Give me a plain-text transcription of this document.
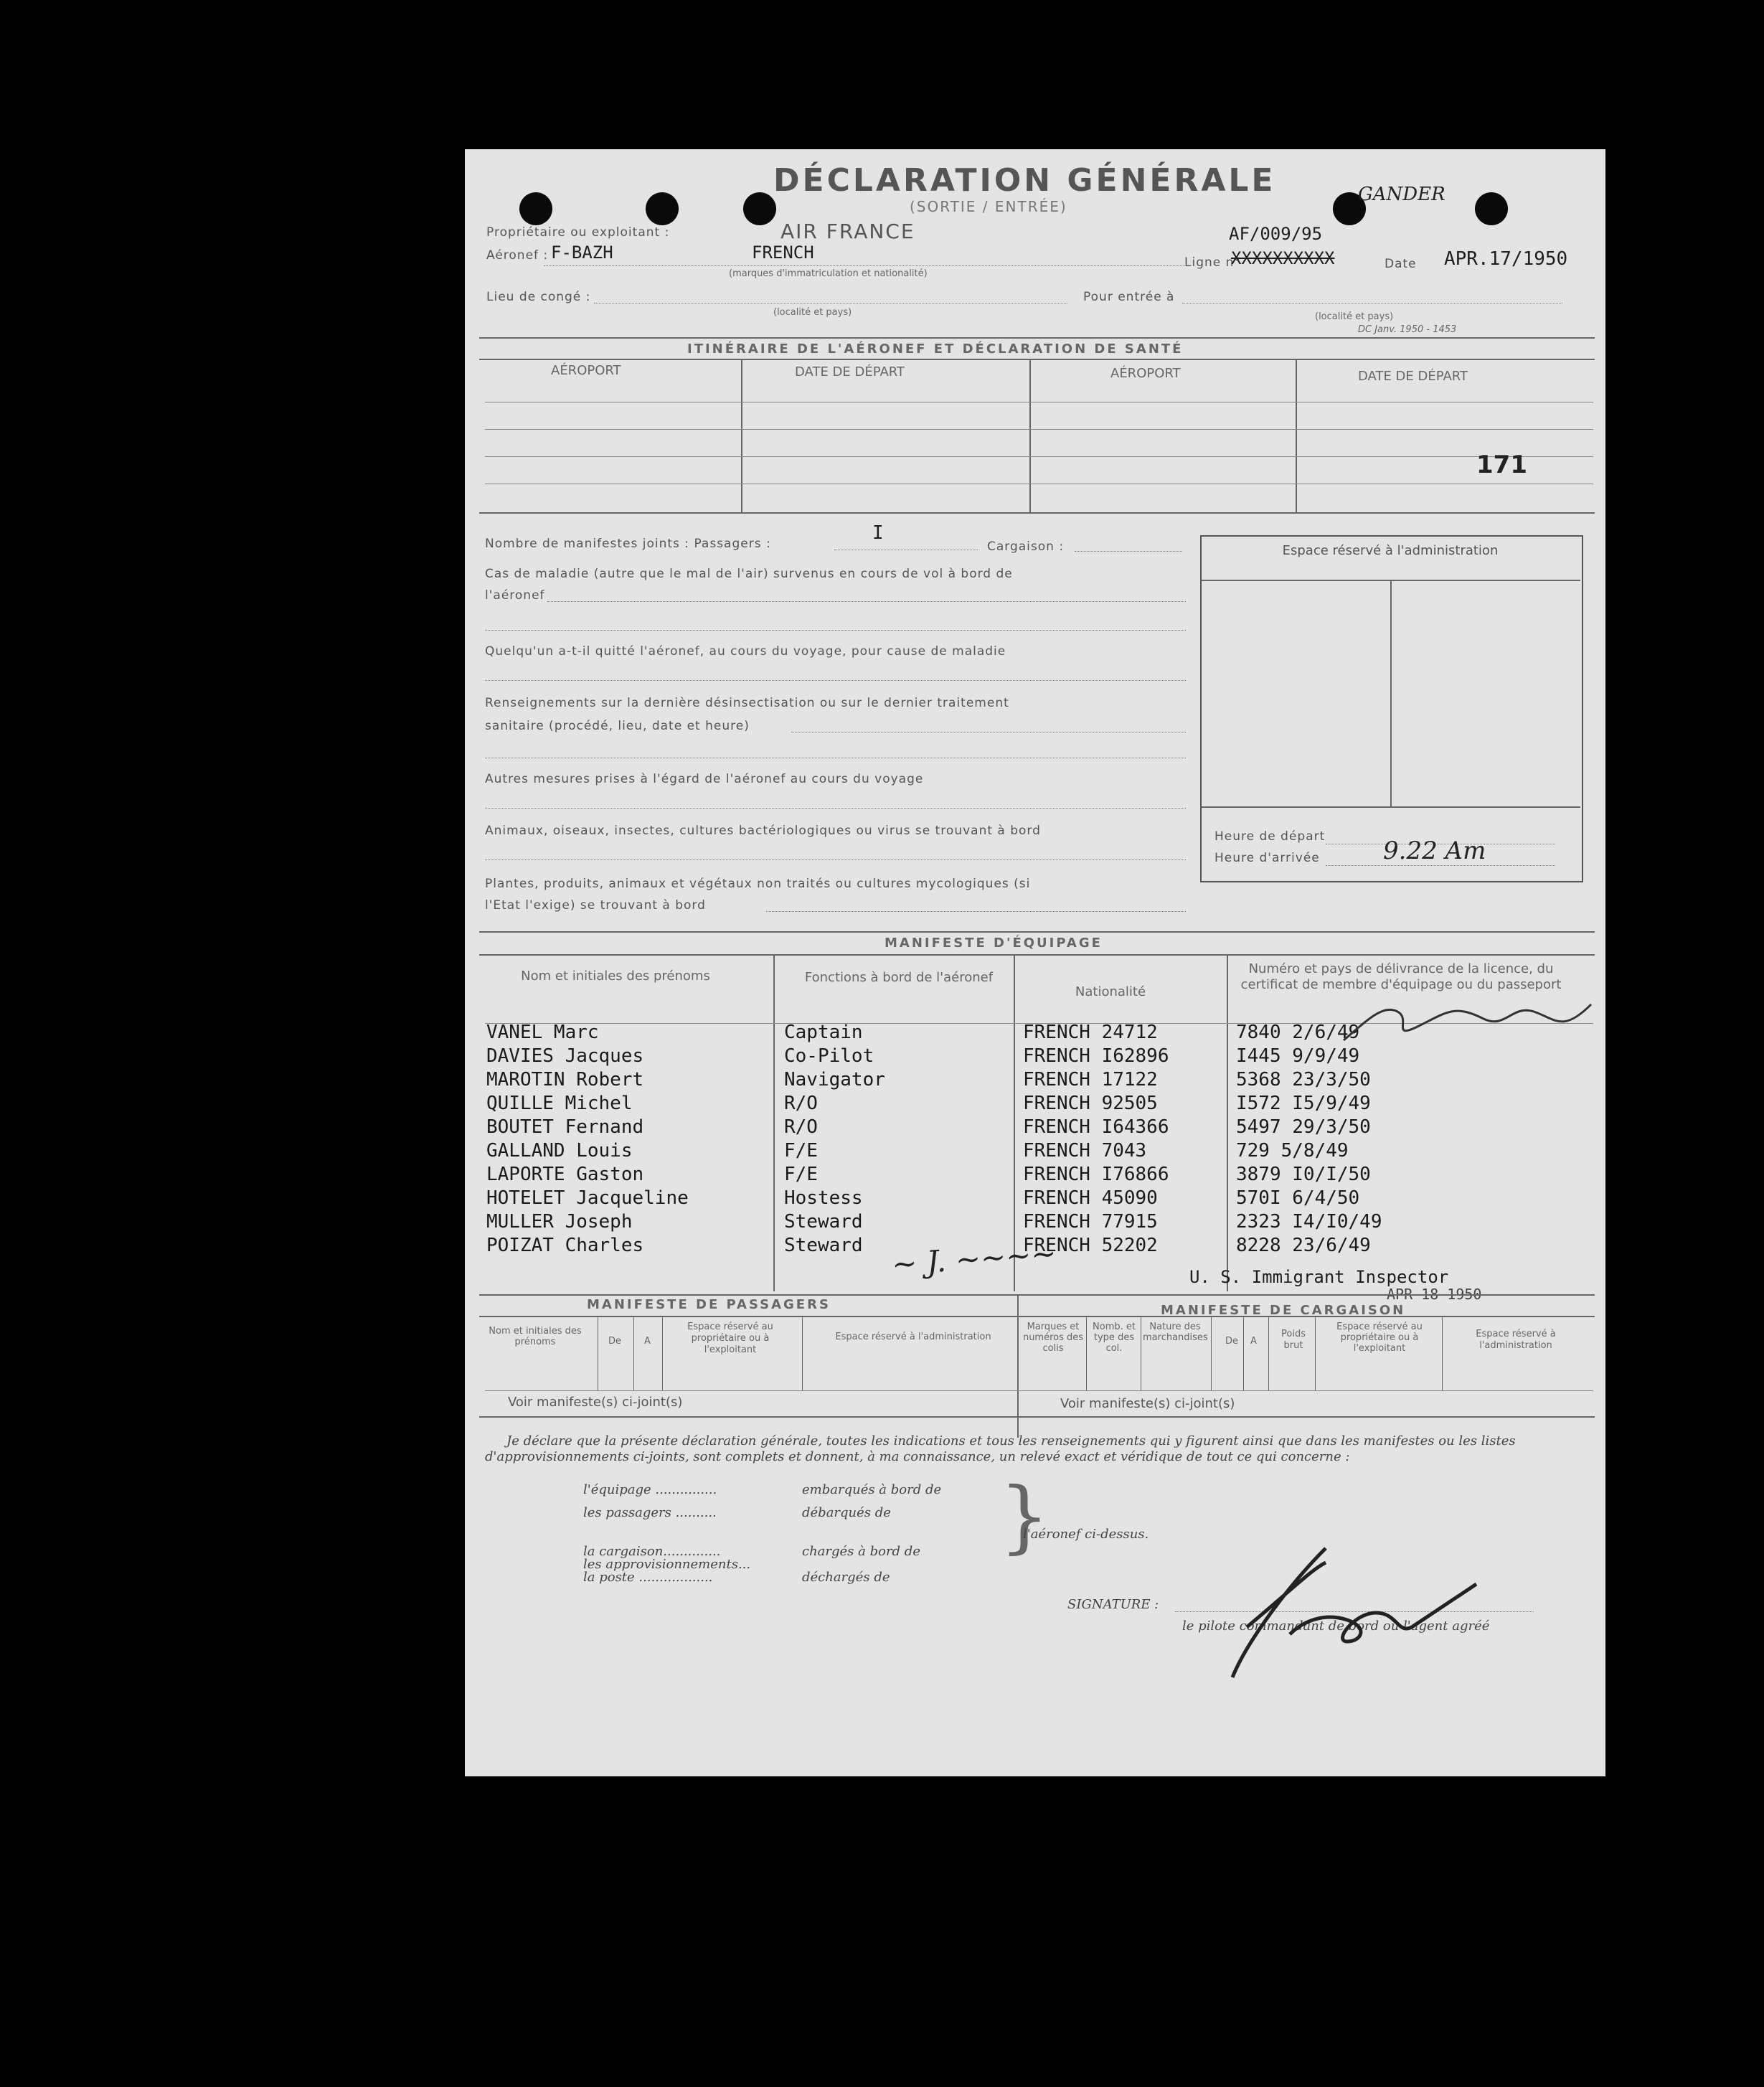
DÉCLARATION GÉNÉRALE
(SORTIE / ENTRÉE)
GANDER
Propriétaire ou exploitant :	AIR FRANCE	AF/009/95
Aéronef : F-BAZH	FRENCH
(marques d'immatriculation et nationalité)
Ligne n°
XXXXXXXXXX	Date APR.17/1950
Lieu de congé :
(localité et pays)
Pour entrée à
(localité et pays)
DC Janv. 1950 - 1453
ITINÉRAIRE DE L'AÉRONEF ET DÉCLARATION DE SANTÉ
AÉROPORT	DATE DE DÉPART	AÉROPORT	DATE DE DÉPART
171
Nombre de manifestes joints : Passagers :	I
Cargaison :
Cas de maladie (autre que le mal de l'air) survenus en cours de vol à bord de
l'aéronef
Quelqu'un a-t-il quitté l'aéronef, au cours du voyage, pour cause de maladie
Renseignements sur la dernière désinsectisation ou sur le dernier traitement
sanitaire (procédé, lieu, date et heure)
Autres mesures prises à l'égard de l'aéronef au cours du voyage
Animaux, oiseaux, insectes, cultures bactériologiques ou virus se trouvant à bord
Plantes, produits, animaux et végétaux non traités ou cultures mycologiques (si
l'Etat l'exige) se trouvant à bord
Espace réservé à l'administration
Heure de départ
Heure d'arrivée	9.22 Am
MANIFESTE D'ÉQUIPAGE
Nom et initiales des prénoms	Fonctions à bord de l'aéronef
Nationalité
Numéro et pays de délivrance de la licence, du certificat de membre d'équipage ou du passeport
VANEL Marc	Captain	FRENCH 24712	7840 2/6/49
DAVIES Jacques	Co-Pilot	FRENCH I62896	I445 9/9/49
MAROTIN Robert	Navigator	FRENCH 17122	5368 23/3/50
QUILLE Michel	R/O	FRENCH 92505	I572 I5/9/49
BOUTET Fernand	R/O	FRENCH I64366	5497 29/3/50
GALLAND Louis	F/E	FRENCH 7043	729 5/8/49
LAPORTE Gaston	F/E	FRENCH I76866	3879 I0/I/50
HOTELET Jacqueline	Hostess	FRENCH 45090	570I 6/4/50
MULLER Joseph	Steward	FRENCH 77915	2323 I4/I0/49
POIZAT Charles	Steward	FRENCH 52202	8228 23/6/49
~ J. ~~~~	U. S. Immigrant Inspector
APR 18 1950
MANIFESTE DE PASSAGERS	MANIFESTE DE CARGAISON
Nom et initiales des prénoms	De A
Espace réservé au propriétaire ou à l'exploitant
Espace réservé à l'administration
Marques et numéros des colis
Nomb. et type des col.
Nature des marchandises De A
Poids brut
Espace réservé au propriétaire ou à l'exploitant
Espace réservé à l'administration
Voir manifeste(s) ci-joint(s)	Voir manifeste(s) ci-joint(s)
Je déclare que la présente déclaration générale, toutes les indications et tous les renseignements qui y figurent ainsi que dans les manifestes ou les listes d'approvisionnements ci-joints, sont complets et donnent, à ma connaissance, un relevé exact et véridique de tout ce qui concerne :
l'équipage ...............
les passagers ..........
la cargaison..............
les approvisionnements...
la poste ..................
embarqués à bord de
débarqués de
chargés à bord de
déchargés de
}
l'aéronef ci-dessus.
SIGNATURE :
le pilote commandant de bord ou l'agent agréé
